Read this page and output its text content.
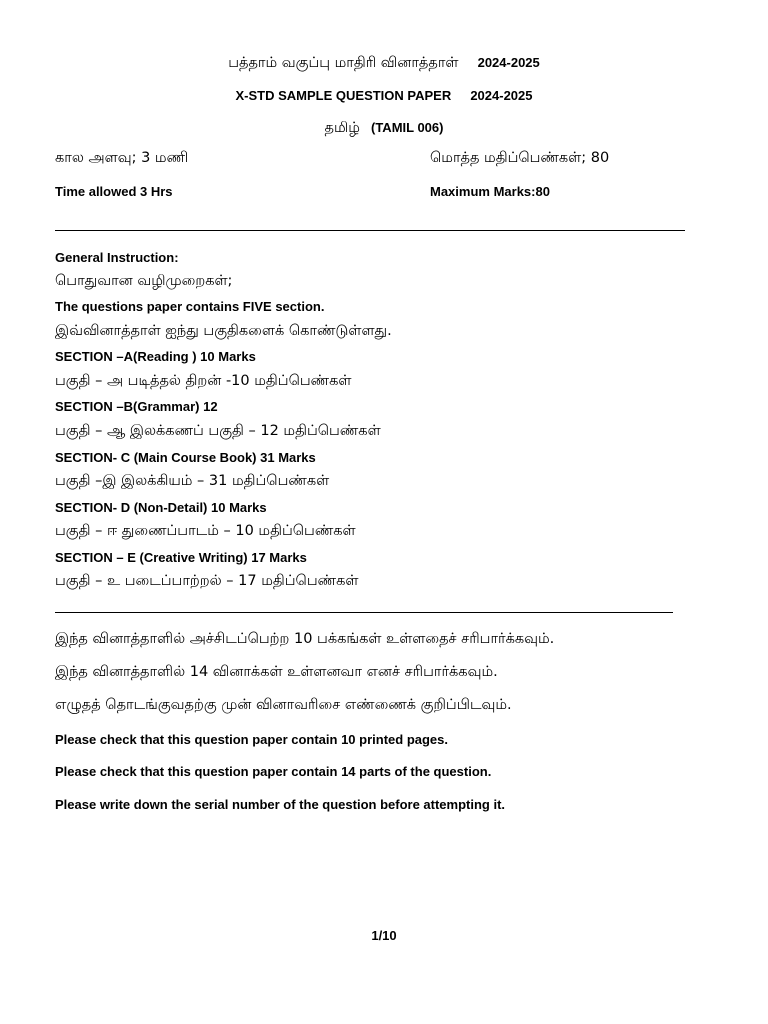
பத்தாம் வகுப்பு மாதிரி வினாத்தாள் 2024-2025
X-STD SAMPLE QUESTION PAPER 2024-2025
தமிழ் (TAMIL 006)
கால அளவு; 3 மணி	மொத்த மதிப்பெண்கள்; 80
Time allowed 3 Hrs	Maximum Marks:80
General Instruction:
பொதுவான வழிமுறைகள்;
The questions paper contains FIVE section.
இவ்வினாத்தாள் ஐந்து பகுதிகளைக் கொண்டுள்ளது.
SECTION –A(Reading ) 10 Marks
பகுதி – அ படித்தல் திறன் -10 மதிப்பெண்கள்
SECTION –B(Grammar) 12
பகுதி – ஆ இலக்கணப் பகுதி – 12 மதிப்பெண்கள்
SECTION- C (Main Course Book) 31 Marks
பகுதி –இ இலக்கியம் – 31 மதிப்பெண்கள்
SECTION- D (Non-Detail) 10 Marks
பகுதி – ஈ துணைப்பாடம் – 10 மதிப்பெண்கள்
SECTION – E (Creative Writing) 17 Marks
பகுதி – உ படைப்பாற்றல் – 17 மதிப்பெண்கள்
இந்த வினாத்தாளில் அச்சிடப்பெற்ற 10 பக்கங்கள் உள்ளதைச் சரிபார்க்கவும்.
இந்த வினாத்தாளில் 14 வினாக்கள் உள்ளனவா எனச் சரிபார்க்கவும்.
எழுதத் தொடங்குவதற்கு முன் வினாவரிசை எண்ணைக் குறிப்பிடவும்.
Please check that this question paper contain 10 printed pages.
Please check that this question paper contain 14 parts of the question.
Please write down the serial number of the question before attempting it.
1/10
